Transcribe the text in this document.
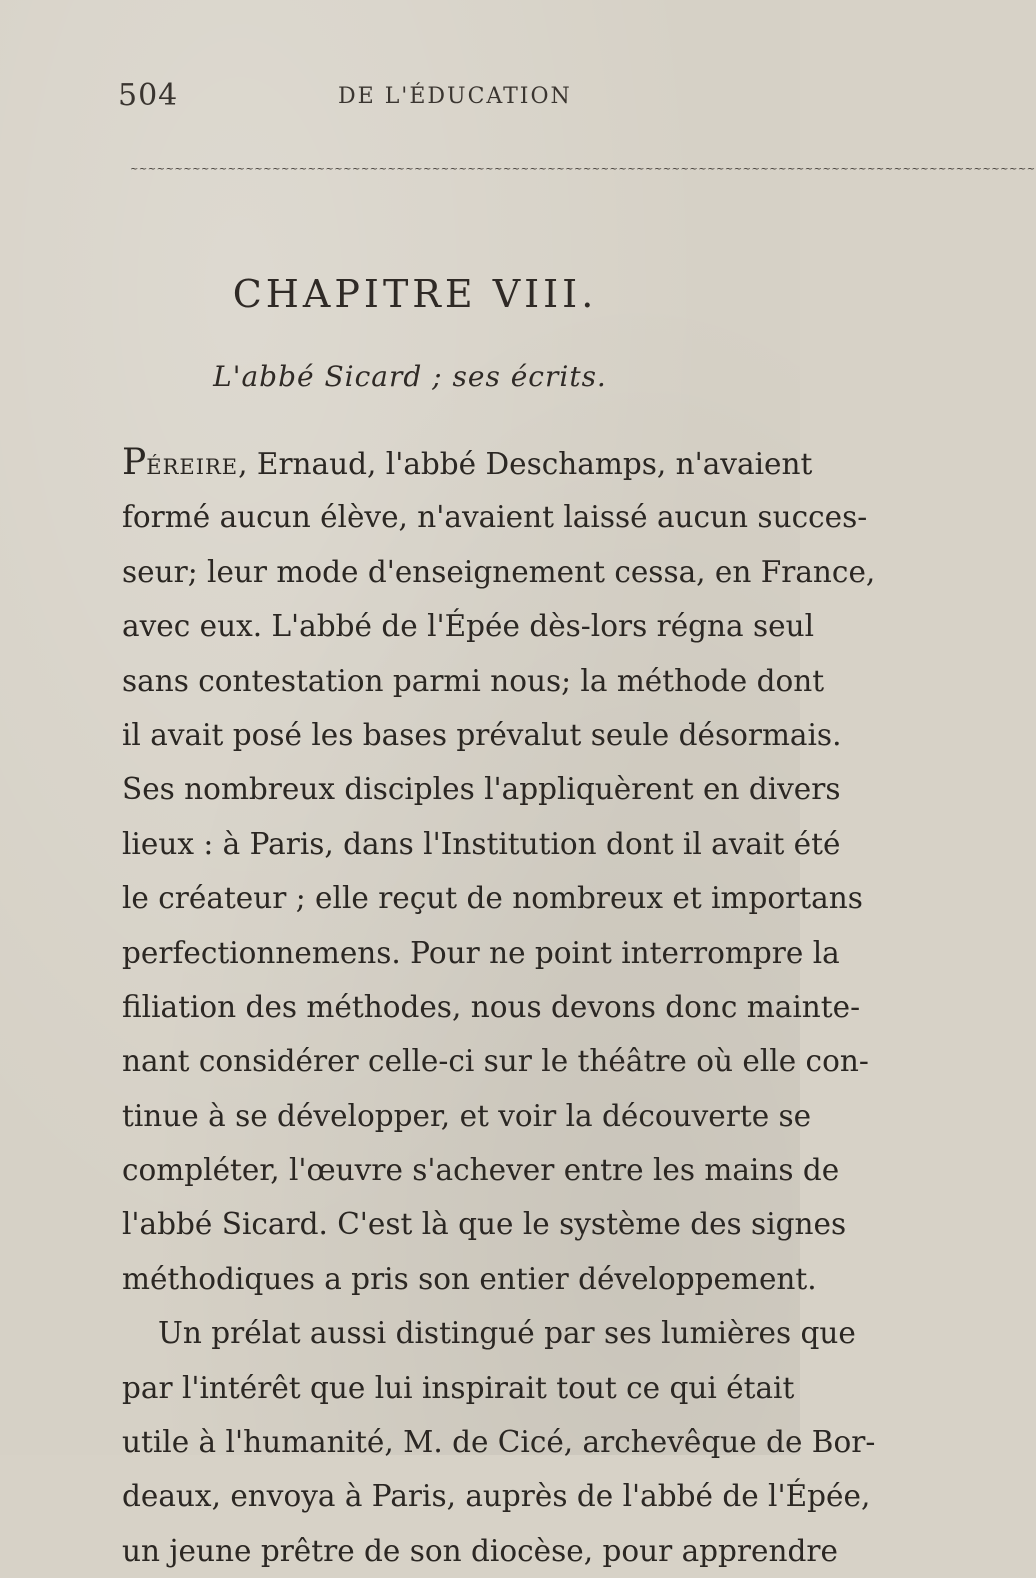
504	DE L'ÉDUCATION
~~~~~~~~~~~~~~~~~~~~~~~~~~~~~~~~~~~~~~~~~~~~~~~~~~~~~~~~~~~~~~~~~~~~~~~~~~~~~~~~~~~~~~~~~~~~~~~~~~~~~~
CHAPITRE VIII.
L'abbé Sicard ; ses écrits.
Péreire, Ernaud, l'abbé Deschamps, n'avaient
formé aucun élève, n'avaient laissé aucun succes-
seur; leur mode d'enseignement cessa, en France,
avec eux. L'abbé de l'Épée dès-lors régna seul
sans contestation parmi nous; la méthode dont
il avait posé les bases prévalut seule désormais.
Ses nombreux disciples l'appliquèrent en divers
lieux : à Paris, dans l'Institution dont il avait été
le créateur ; elle reçut de nombreux et importans
perfectionnemens. Pour ne point interrompre la
filiation des méthodes, nous devons donc mainte-
nant considérer celle-ci sur le théâtre où elle con-
tinue à se développer, et voir la découverte se
compléter, l'œuvre s'achever entre les mains de
l'abbé Sicard. C'est là que le système des signes
méthodiques a pris son entier développement.
Un prélat aussi distingué par ses lumières que
par l'intérêt que lui inspirait tout ce qui était
utile à l'humanité, M. de Cicé, archevêque de Bor-
deaux, envoya à Paris, auprès de l'abbé de l'Épée,
un jeune prêtre de son diocèse, pour apprendre
